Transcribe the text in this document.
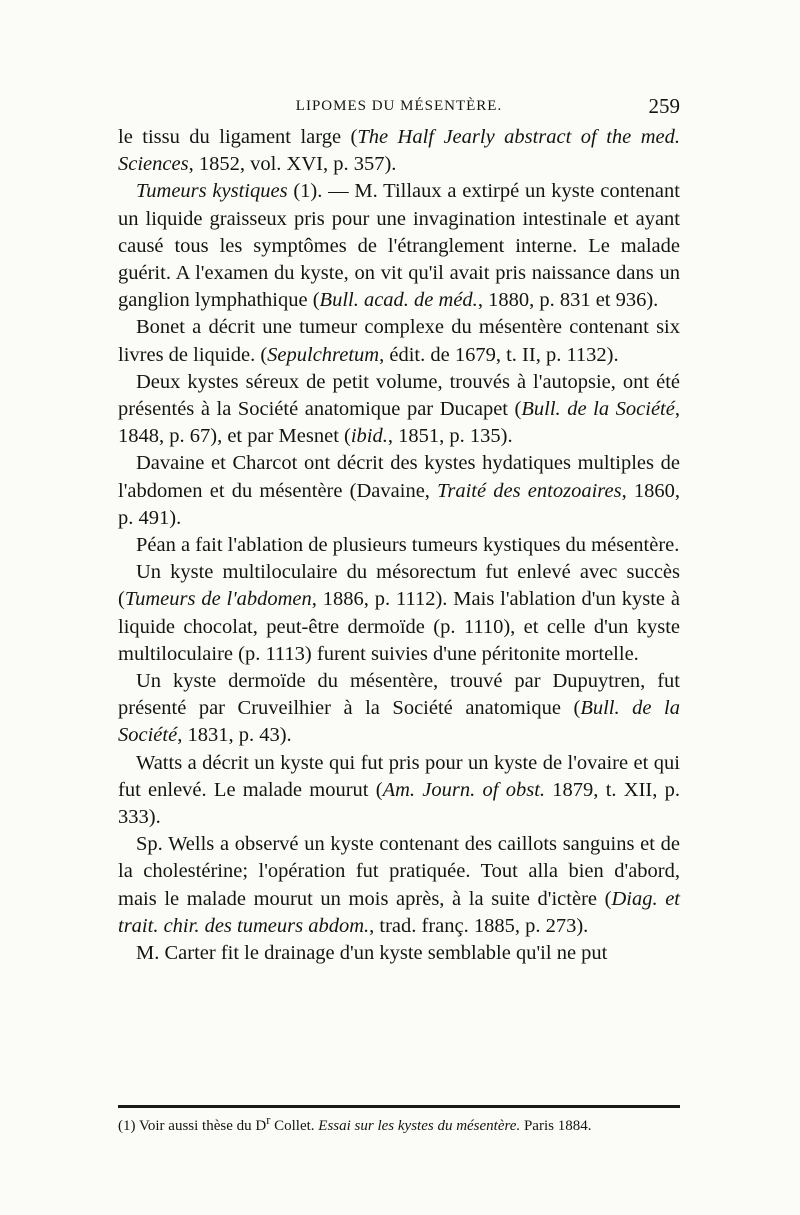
LIPOMES DU MÉSENTÈRE.	259

le tissu du ligament large (The Half Jearly abstract of the med. Sciences, 1852, vol. XVI, p. 357).

Tumeurs kystiques (1). — M. Tillaux a extirpé un kyste contenant un liquide graisseux pris pour une invagination intestinale et ayant causé tous les symptômes de l'étranglement interne. Le malade guérit. A l'examen du kyste, on vit qu'il avait pris naissance dans un ganglion lymphathique (Bull. acad. de méd., 1880, p. 831 et 936).

Bonet a décrit une tumeur complexe du mésentère contenant six livres de liquide. (Sepulchretum, édit. de 1679, t. II, p. 1132).

Deux kystes séreux de petit volume, trouvés à l'autopsie, ont été présentés à la Société anatomique par Ducapet (Bull. de la Société, 1848, p. 67), et par Mesnet (ibid., 1851, p. 135).

Davaine et Charcot ont décrit des kystes hydatiques multiples de l'abdomen et du mésentère (Davaine, Traité des entozoaires, 1860, p. 491).

Péan a fait l'ablation de plusieurs tumeurs kystiques du mésentère.

Un kyste multiloculaire du mésorectum fut enlevé avec succès (Tumeurs de l'abdomen, 1886, p. 1112). Mais l'ablation d'un kyste à liquide chocolat, peut-être dermoïde (p. 1110), et celle d'un kyste multiloculaire (p. 1113) furent suivies d'une péritonite mortelle.

Un kyste dermoïde du mésentère, trouvé par Dupuytren, fut présenté par Cruveilhier à la Société anatomique (Bull. de la Société, 1831, p. 43).

Watts a décrit un kyste qui fut pris pour un kyste de l'ovaire et qui fut enlevé. Le malade mourut (Am. Journ. of obst. 1879, t. XII, p. 333).

Sp. Wells a observé un kyste contenant des caillots sanguins et de la cholestérine; l'opération fut pratiquée. Tout alla bien d'abord, mais le malade mourut un mois après, à la suite d'ictère (Diag. et trait. chir. des tumeurs abdom., trad. franç. 1885, p. 273).

M. Carter fit le drainage d'un kyste semblable qu'il ne put

(1) Voir aussi thèse du $D^r$ Collet. Essai sur les kystes du mésentère. Paris 1884.
